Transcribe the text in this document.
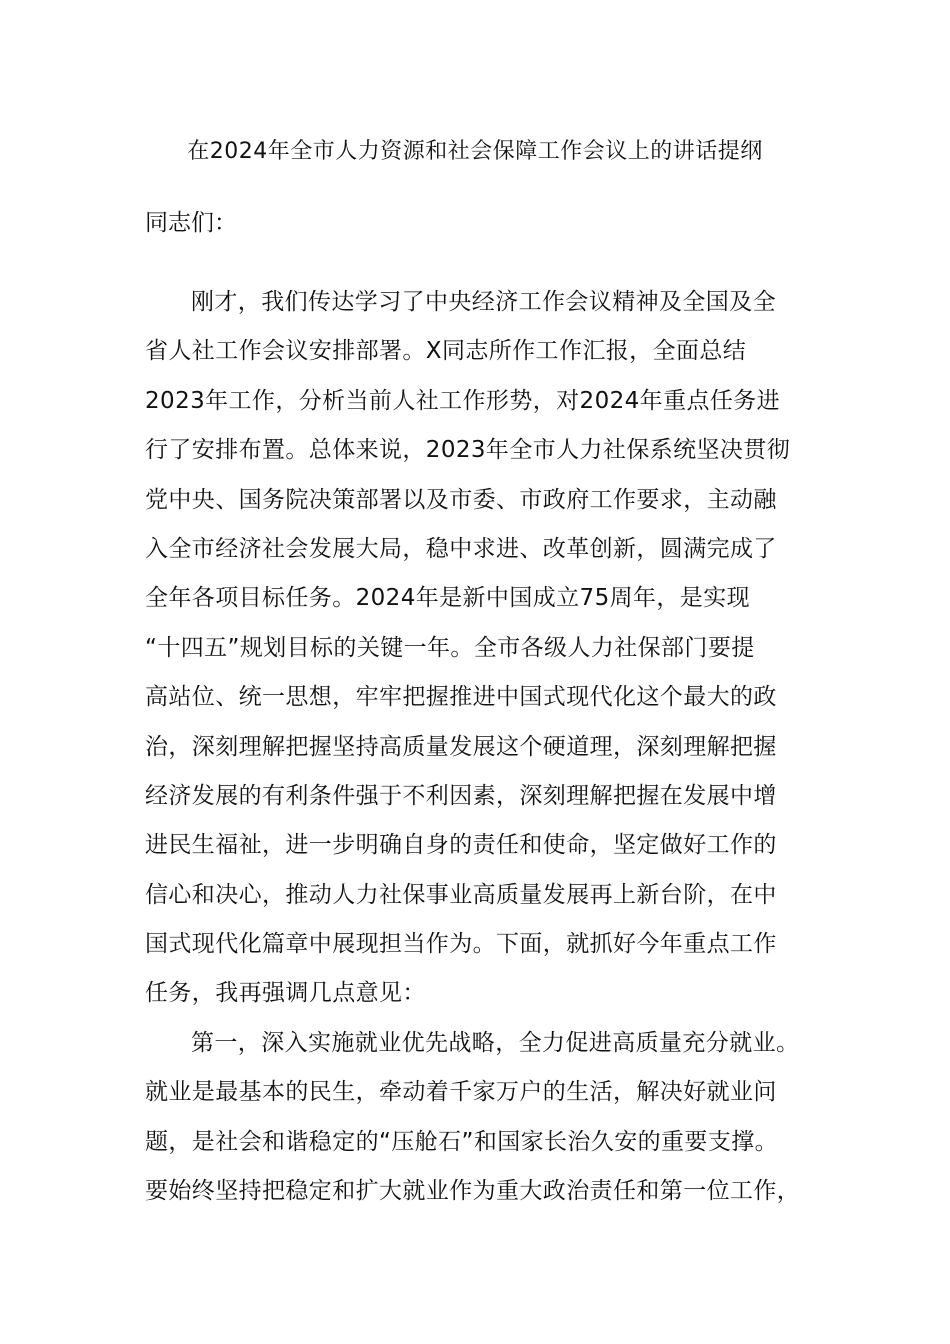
在2024年全市人力资源和社会保障工作会议上的讲话提纲
同志们：
刚才，我们传达学习了中央经济工作会议精神及全国及全
省人社工作会议安排部署。X同志所作工作汇报，全面总结
2023年工作，分析当前人社工作形势，对2024年重点任务进
行了安排布置。总体来说，2023年全市人力社保系统坚决贯彻
党中央、国务院决策部署以及市委、市政府工作要求，主动融
入全市经济社会发展大局，稳中求进、改革创新，圆满完成了
全年各项目标任务。2024年是新中国成立75周年，是实现
“十四五”规划目标的关键一年。全市各级人力社保部门要提
高站位、统一思想，牢牢把握推进中国式现代化这个最大的政
治，深刻理解把握坚持高质量发展这个硬道理，深刻理解把握
经济发展的有利条件强于不利因素，深刻理解把握在发展中增
进民生福祉，进一步明确自身的责任和使命，坚定做好工作的
信心和决心，推动人力社保事业高质量发展再上新台阶，在中
国式现代化篇章中展现担当作为。下面，就抓好今年重点工作
任务，我再强调几点意见：
第一，深入实施就业优先战略，全力促进高质量充分就业。
就业是最基本的民生，牵动着千家万户的生活，解决好就业问
题，是社会和谐稳定的“压舱石”和国家长治久安的重要支撑。
要始终坚持把稳定和扩大就业作为重大政治责任和第一位工作，
